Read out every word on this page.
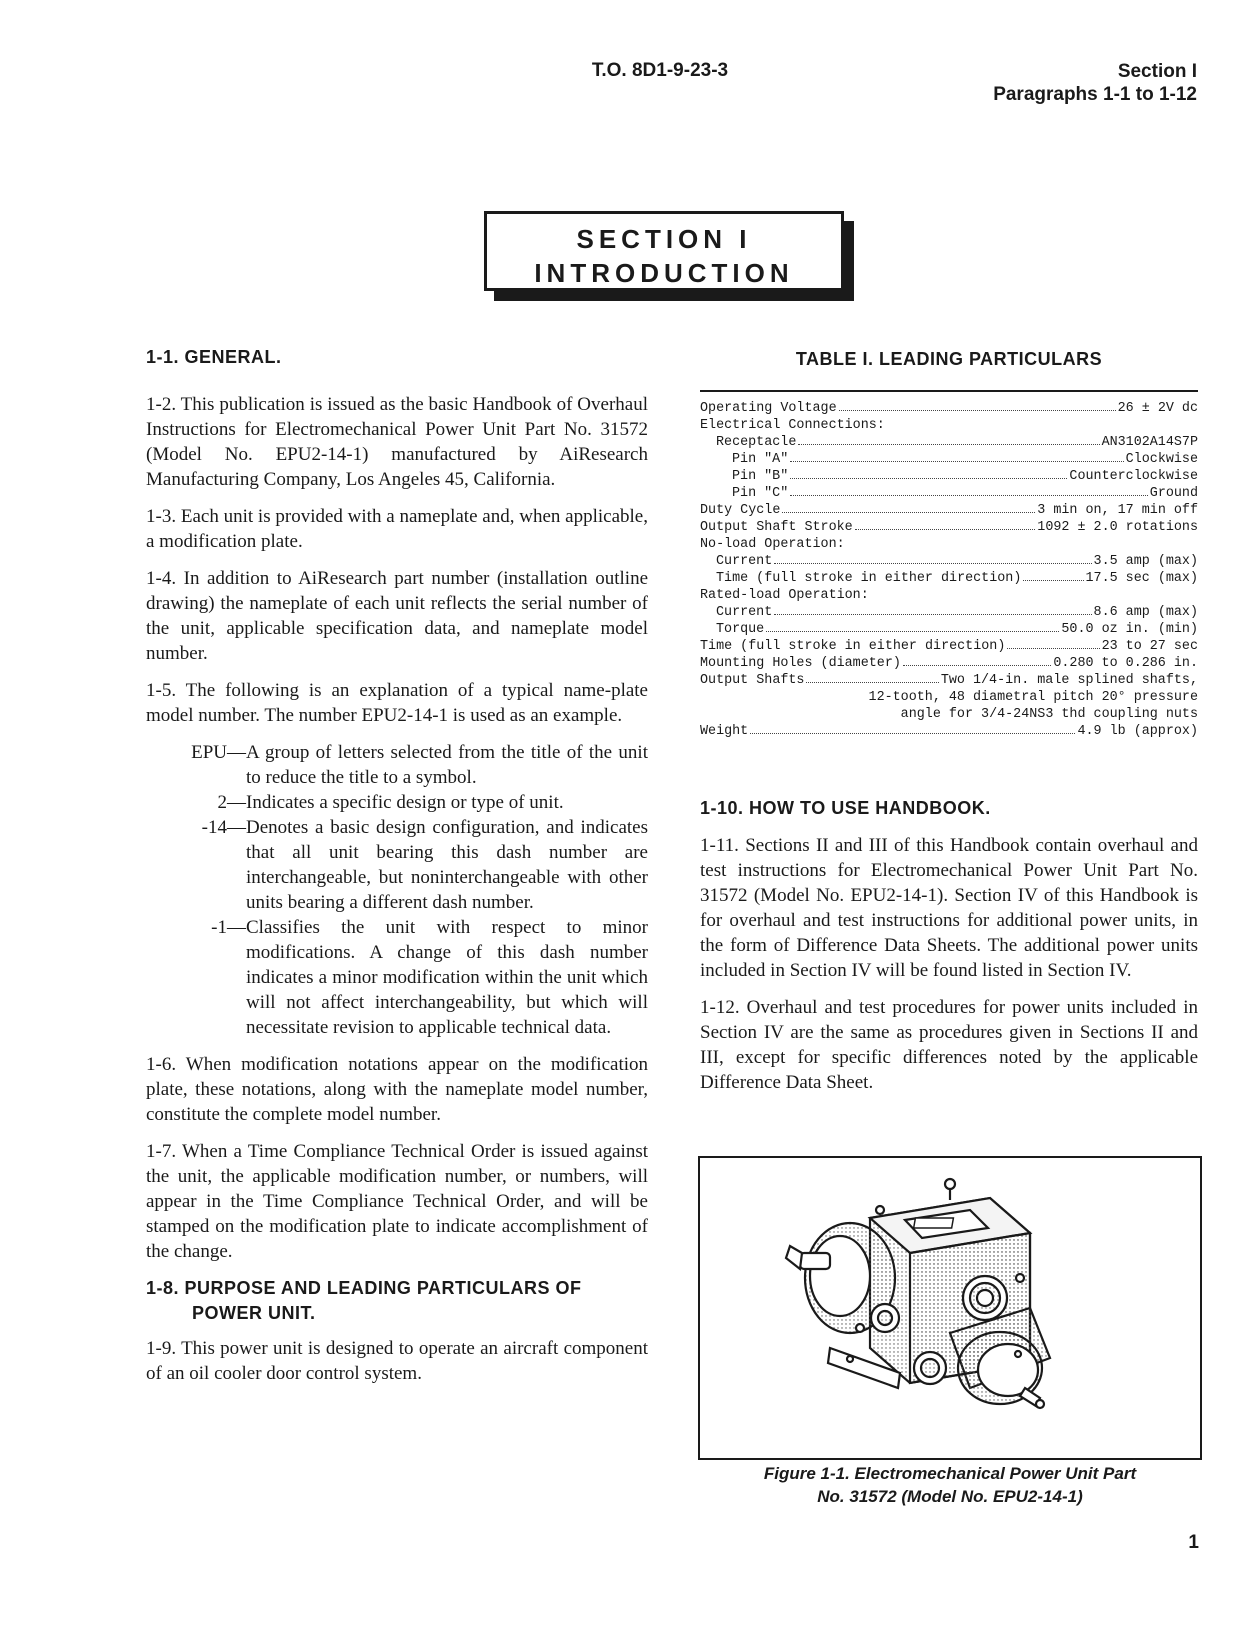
T.O. 8D1-9-23-3	Section I
Paragraphs 1-1 to 1-12
SECTION I
INTRODUCTION
1-1. GENERAL.

1-2. This publication is issued as the basic Handbook of Overhaul Instructions for Electromechanical Power Unit Part No. 31572 (Model No. EPU2-14-1) manufactured by AiResearch Manufacturing Company, Los Angeles 45, California.

1-3. Each unit is provided with a nameplate and, when applicable, a modification plate.

1-4. In addition to AiResearch part number (installation outline drawing) the nameplate of each unit reflects the serial number of the unit, applicable specification data, and nameplate model number.

1-5. The following is an explanation of a typical name-plate model number. The number EPU2-14-1 is used as an example.

EPU— A group of letters selected from the title of the unit to reduce the title to a symbol.
2— Indicates a specific design or type of unit.
-14— Denotes a basic design configuration, and indicates that all unit bearing this dash number are interchangeable, but noninterchangeable with other units bearing a different dash number.
-1— Classifies the unit with respect to minor modifications. A change of this dash number indicates a minor modification within the unit which will not affect interchangeability, but which will necessitate revision to applicable technical data.

1-6. When modification notations appear on the modification plate, these notations, along with the nameplate model number, constitute the complete model number.

1-7. When a Time Compliance Technical Order is issued against the unit, the applicable modification number, or numbers, will appear in the Time Compliance Technical Order, and will be stamped on the modification plate to indicate accomplishment of the change.

1-8. PURPOSE AND LEADING PARTICULARS OF
POWER UNIT.

1-9. This power unit is designed to operate an aircraft component of an oil cooler door control system.

TABLE I. LEADING PARTICULARS
Operating Voltage	26 ± 2V dc
Electrical Connections:
Receptacle	AN3102A14S7P
Pin "A"	Clockwise
Pin "B"	Counterclockwise
Pin "C"	Ground
Duty Cycle	3 min on, 17 min off
Output Shaft Stroke	1092 ± 2.0 rotations
No-load Operation:
Current	3.5 amp (max)
Time (full stroke in either direction)	17.5 sec (max)
Rated-load Operation:
Current	8.6 amp (max)
Torque	50.0 oz in. (min)
Time (full stroke in either direction)	23 to 27 sec
Mounting Holes (diameter)	0.280 to 0.286 in.
Output Shafts	Two 1/4-in. male splined shafts,
12-tooth, 48 diametral pitch 20° pressure
angle for 3/4-24NS3 thd coupling nuts
Weight	4.9 lb (approx)
1-10. HOW TO USE HANDBOOK.

1-11. Sections II and III of this Handbook contain overhaul and test instructions for Electromechanical Power Unit Part No. 31572 (Model No. EPU2-14-1). Section IV of this Handbook is for overhaul and test instructions for additional power units, in the form of Difference Data Sheets. The additional power units included in Section IV will be found listed in Section IV.

1-12. Overhaul and test procedures for power units included in Section IV are the same as procedures given in Sections II and III, except for specific differences noted by the applicable Difference Data Sheet.

Figure 1-1. Electromechanical Power Unit Part
No. 31572 (Model No. EPU2-14-1)
1
